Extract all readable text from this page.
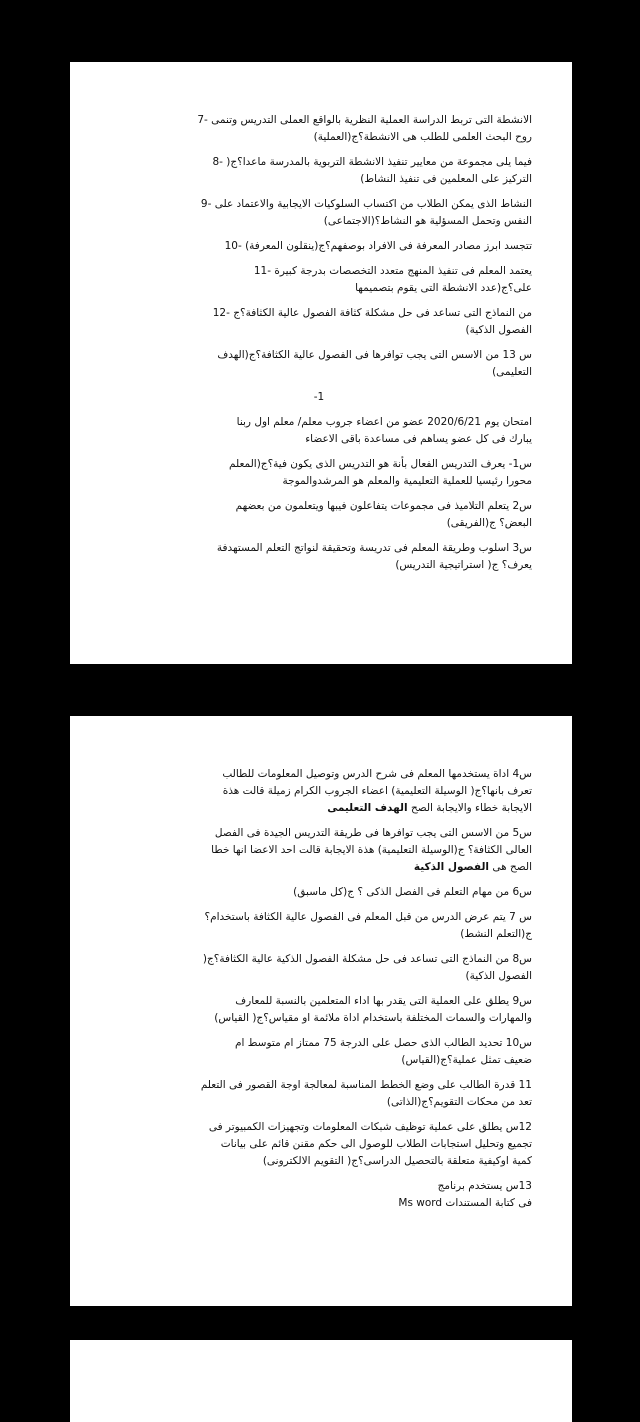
الانشطة التى تربط الدراسة العملية النظرية بالواقع العملى التدريس وتنمى -7
روح البحث العلمى للطلب هى الانشطة؟ج(العملية)
فيما يلى مجموعة من معايير تنفيذ الانشطة التربوية بالمدرسة ماعدا؟ج( -8
التركيز على المعلمين فى تنفيذ النشاط)
النشاط الذى يمكن الطلاب من اكتساب السلوكيات الايجابية والاعتماد على -9
النفس وتحمل المسؤلية هو النشاط؟(الاجتماعى)
تتجسد ابرز مصادر المعرفة فى الافراد بوصفهم؟ج(ينقلون المعرفة) -10
يعتمد المعلم فى تنفيذ المنهج متعدد التخصصات بدرجة كبيرة -11
على؟ج(عدد الانشطة التى يقوم بتصميمها
من النماذج التى تساعد فى حل مشكلة كثافة الفصول عالية الكثافة؟ج -12
الفصول الذكية)
س 13 من الاسس التى يجب توافرها فى الفصول عالية الكثافة؟ج(الهدف
التعليمى)
1-
امتحان يوم 2020/6/21 عضو من اعضاء جروب معلم/ معلم اول ربنا
يبارك فى كل عضو يساهم فى مساعدة باقى الاعضاء
س1- يعرف التدريس الفعال بأنة هو التدريس الذى يكون فية؟ج(المعلم
محورا رئيسيا للعملية التعليمية والمعلم هو المرشدوالموجة
س2 يتعلم التلاميذ فى مجموعات يتفاعلون فيبها ويتعلمون من بعضهم
البعض؟ ج(الفريقى)
س3 اسلوب وطريقة المعلم فى تدريسة وتحقيقة لنواتج التعلم المستهدفة
يعرف؟ ج( استراتيجية التدريس)
س4 اداة يستخدمها المعلم فى شرح الدرس وتوصيل المعلومات للطالب
تعرف بانها؟ج( الوسيلة التعليمية) اعضاء الجروب الكرام زميلة قالت هذة
الايجابة خطاء والايجابة الصح الهدف التعليمى
س5 من الاسس التى يجب توافرها فى طريقة التدريس الجيدة فى الفصل
العالى الكثافة؟ ج(الوسيلة التعليمية) هذة الايجابة قالت احد الاعضا انها خطا
الصح هى الفصول الذكية
س6 من مهام التعلم فى الفصل الذكى ؟ ج(كل ماسبق)
س 7 يتم عرض الدرس من قبل المعلم فى الفصول عالية الكثافة باستخدام؟
ج(التعلم النشط)
س8 من النماذج التى تساعد فى حل مشكلة الفصول الذكية عالية الكثافة؟ج(
الفصول الذكية)
س9 يطلق على العملية التى يقدر بها اداء المتعلمين بالنسبة للمعارف
والمهارات والسمات المختلفة باستخدام اداة ملائمة او مقياس؟ج( القياس)
س10 تحديد الطالب الذى حصل على الدرجة 75 ممتاز ام متوسط ام
ضعيف تمثل عملية؟ج(القياس)
11 قدرة الطالب على وضع الخطط المناسبة لمعالجة اوجة القصور فى التعلم
تعد من محكات التقويم؟ج(الذاتى)
12س يطلق على عملية توظيف شبكات المعلومات وتجهيزات الكمبيوتر فى
تجميع وتحليل استجابات الطلاب للوصول الى حكم مقنن قائم على بيانات
كمية اوكيفية متعلقة بالتحصيل الدراسى؟ج( التقويم الالكترونى)
13س يستخدم برنامج
فى كتابة المستندات Ms word
